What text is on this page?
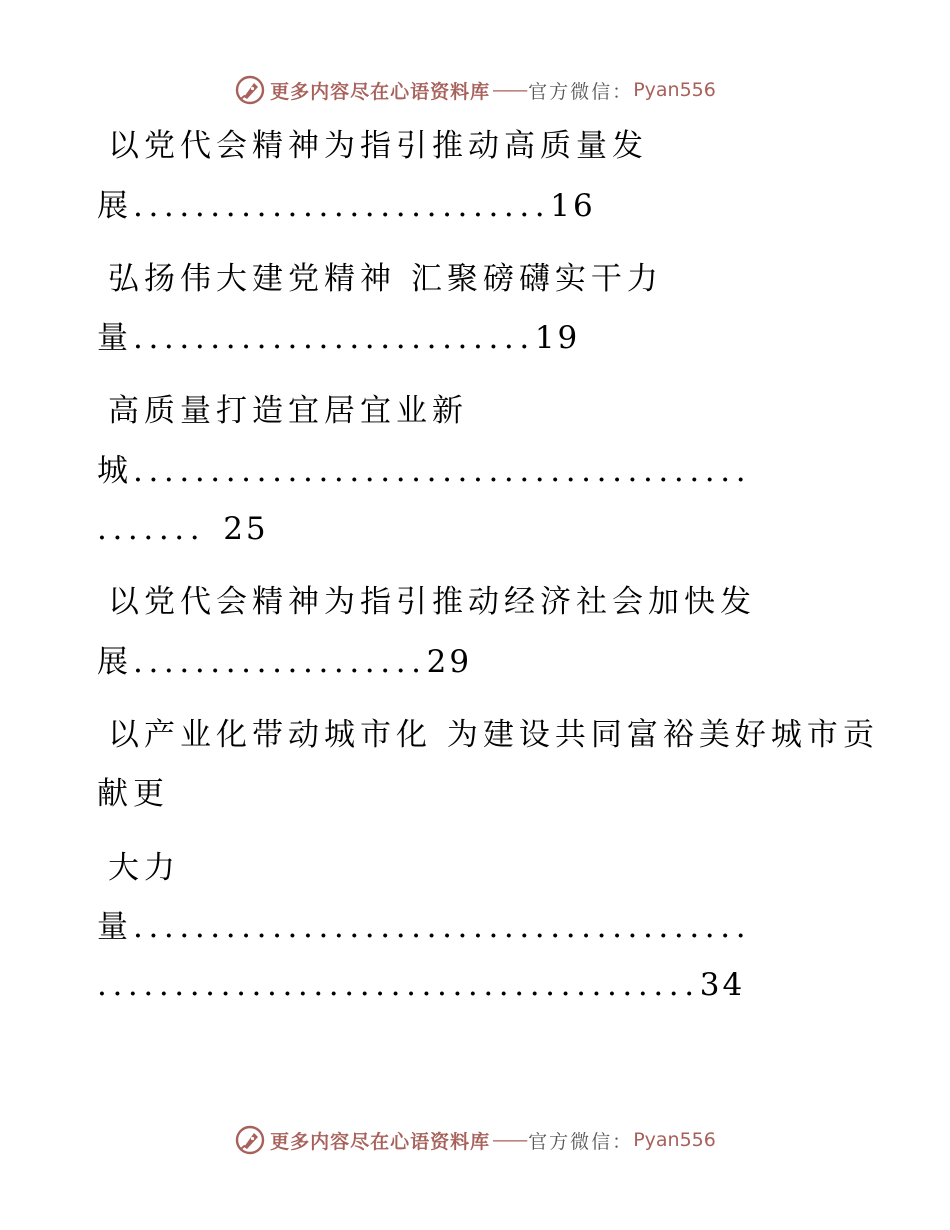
更多内容尽在心语资料库 —— 官方微信： Pyan556
以党代会精神为指引推动高质量发
展...........................16
弘扬伟大建党精神 汇聚磅礴实干力
量..........................19
高质量打造宜居宜业新
城........................................
....... 25
以党代会精神为指引推动经济社会加快发
展...................29
以产业化带动城市化 为建设共同富裕美好城市贡
献更
大力
量........................................
.......................................34
更多内容尽在心语资料库 —— 官方微信： Pyan556
